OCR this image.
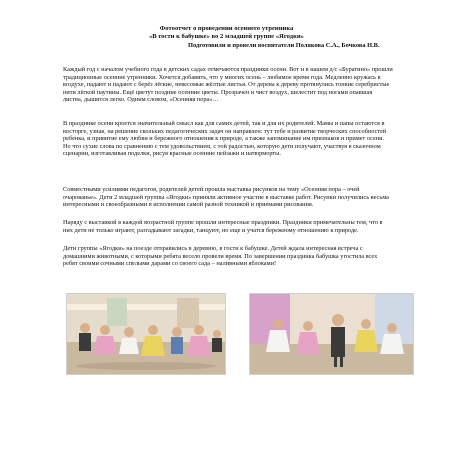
Фотоотчет о проведении осеннего утренника
«В гости к бабушке» во 2 младшей группе «Ягодки»
Подготовили и провели воспитатели Полякова С.А., Бочкова Н.В.

Каждый год с началом учебного года в детских садах отмечаются праздники осени. Вот и в нашем д/с «Буратино» прошли традиционные осенние утренники. Хочется добавить, что у многих осень – любимое время года. Медленно кружась в воздухе, падают и падают с берёз лёгкие, невесомые жёлтые листья. От дерева к дереву протянулись тонкие серебристые нити лёгкой паутины. Ещё цветут поздние осенние цветы. Прозрачен и чист воздух, шелестит под ногами опавшая листва, дышится легко. Одним словом, «Осенняя пора»…

В празднике осени кроется значительный смысл как для самих детей, так и для их родителей. Мамы и папы остаются в восторге, узнав, на решение скольких педагогических задач он направлен: тут тебе и развитие творческих способностей ребенка, и привитие ему любви и бережного отношения к природе, а также запоминание им признаков и примет осени. Но что сухие слова по сравнению с тем удовольствием, с той радостью, которую дети получают, участвуя в сказочном сценарии, изготавливая поделки, рисуя красные осенние пейзажи и натюрморты.

Совместными усилиями педагогов, родителей детей прошла выставка рисунков на тему «Осенняя пора – очей очарованье». Дети 2 младшей группы «Ягодки» приняли активное участие в выставке работ. Рисунки получились весьма интересными и своеобразными в исполнении самой разной техникой и приемами рисования.

Наряду с выставкой в каждой возрастной группе прошли интересные праздники. Праздники примечательны тем, что в них дети не только играют, разгадывают загадки, танцуют, но еще и учатся бережному отношению к природе.

Дети группы «Ягодки» на поезде отправились в деревню, в гости к бабушке. Детей ждала интересная встреча с домашними животными, с которыми ребята весело провели время. По завершении праздника бабушка угостила всех ребят своими сочными спелыми дарами со своего сада – наливными яблоками!
